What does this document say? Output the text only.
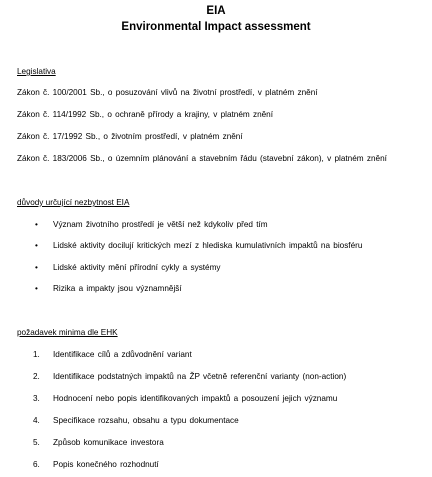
EIA
Environmental Impact assessment
Legislativa
Zákon č. 100/2001 Sb., o posuzování vlivů na životní prostředí, v platném znění
Zákon č. 114/1992 Sb., o ochraně přírody a krajiny, v platném znění
Zákon č. 17/1992 Sb., o životním prostředí, v platném znění
Zákon č. 183/2006 Sb., o územním plánování a stavebním řádu (stavební zákon), v platném znění
důvody určující nezbytnost EIA
• Význam životního prostředí je větší než kdykoliv před tím
• Lidské aktivity docilují kritických mezí z hlediska kumulativních impaktů na biosféru
• Lidské aktivity mění přírodní cykly a systémy
• Rizika a impakty jsou významnější
požadavek minima dle EHK
1. Identifikace cílů a zdůvodnění variant
2. Identifikace podstatných impaktů na ŽP včetně referenční varianty (non-action)
3. Hodnocení nebo popis identifikovaných impaktů a posouzení jejich významu
4. Specifikace rozsahu, obsahu a typu dokumentace
5. Způsob komunikace investora
6. Popis konečného rozhodnutí
